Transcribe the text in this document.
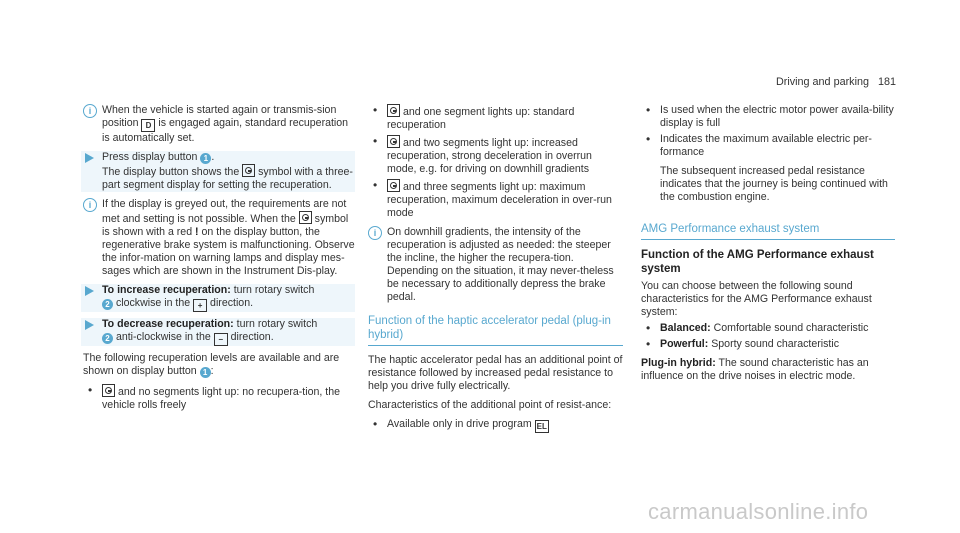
Driving and parking 181
i	When the vehicle is started again or transmis-sion position D is engaged again, standard recuperation is automatically set.
Press display button 1 .
The display button shows the symbol with a three-part segment display for setting the recuperation.
i	If the display is greyed out, the requirements are not met and setting is not possible. When the symbol is shown with a red ! on the display button, the regenerative brake system is malfunctioning. Observe the infor-mation on warning lamps and display mes-sages which are shown in the Instrument Dis-play.
To increase recuperation: turn rotary switch
2 clockwise in the + direction.
To decrease recuperation: turn rotary switch
2 anti-clockwise in the − direction.

The following recuperation levels are available and are shown on display button 1 :

• and no segments light up: no recupera-tion, the vehicle rolls freely
• and one segment lights up: standard recuperation
• and two segments light up: increased recuperation, strong deceleration in overrun mode, e.g. for driving on downhill gradients
• and three segments light up: maximum recuperation, maximum deceleration in over-run mode
i	On downhill gradients, the intensity of the recuperation is adjusted as needed: the steeper the incline, the higher the recupera-tion. Depending on the situation, it may never-theless be necessary to additionally depress the brake pedal.
Function of the haptic accelerator pedal (plug-in hybrid)

The haptic accelerator pedal has an additional point of resistance followed by increased pedal resistance to help you drive fully electrically.

Characteristics of the additional point of resist-ance:

• Available only in drive program EL
• Is used when the electric motor power availa-bility display is full
• Indicates the maximum available electric per-formance
The subsequent increased pedal resistance indicates that the journey is being continued with the combustion engine.
AMG Performance exhaust system
Function of the AMG Performance exhaust system

You can choose between the following sound characteristics for the AMG Performance exhaust system:

• Balanced: Comfortable sound characteristic
• Powerful: Sporty sound characteristic

Plug-in hybrid: The sound characteristic has an influence on the drive noises in electric mode.

carmanualsonline.info
